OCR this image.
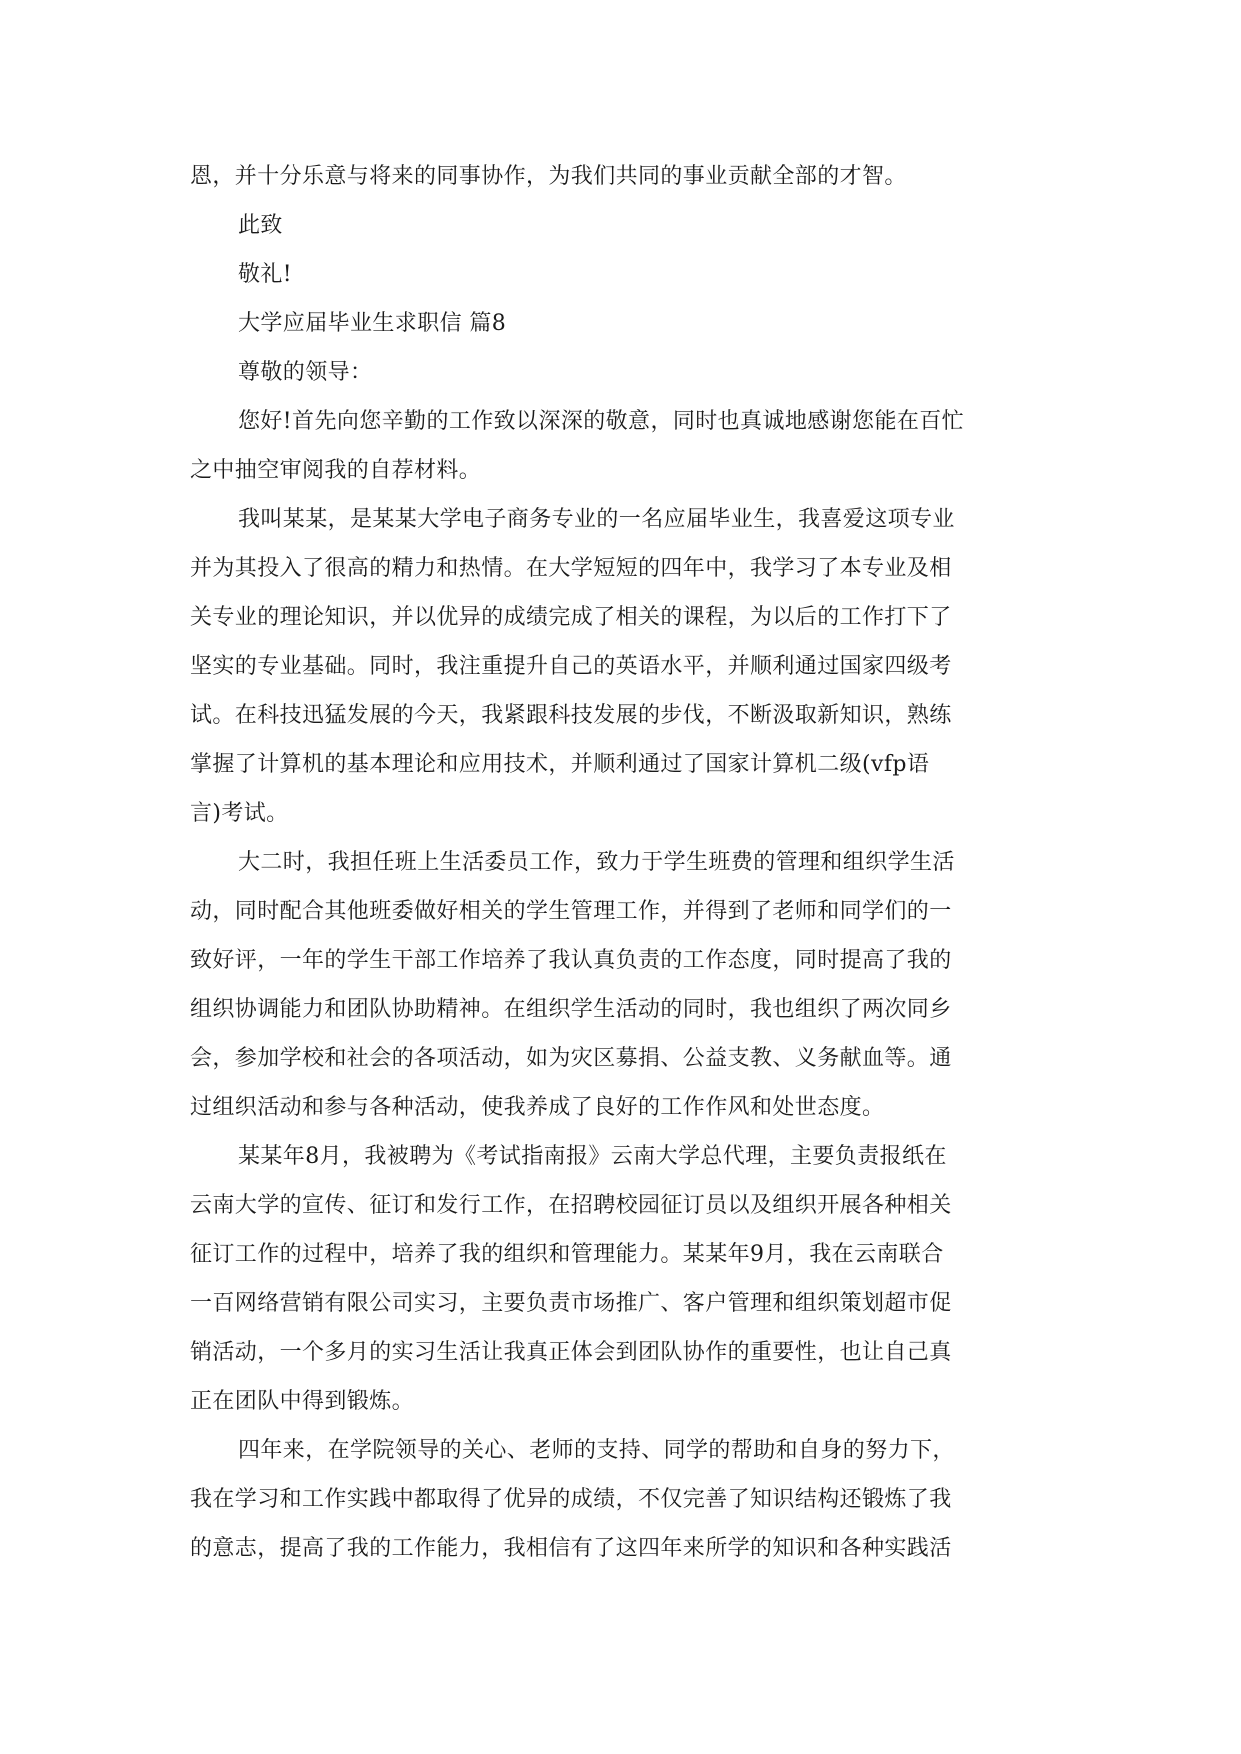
恩，并十分乐意与将来的同事协作，为我们共同的事业贡献全部的才智。

此致

敬礼!

大学应届毕业生求职信 篇8

尊敬的领导：

您好!首先向您辛勤的工作致以深深的敬意，同时也真诚地感谢您能在百忙

之中抽空审阅我的自荐材料。

我叫某某，是某某大学电子商务专业的一名应届毕业生，我喜爱这项专业

并为其投入了很高的精力和热情。在大学短短的四年中，我学习了本专业及相

关专业的理论知识，并以优异的成绩完成了相关的课程，为以后的工作打下了

坚实的专业基础。同时，我注重提升自己的英语水平，并顺利通过国家四级考

试。在科技迅猛发展的今天，我紧跟科技发展的步伐，不断汲取新知识，熟练

掌握了计算机的基本理论和应用技术，并顺利通过了国家计算机二级(vfp语

言)考试。

大二时，我担任班上生活委员工作，致力于学生班费的管理和组织学生活

动，同时配合其他班委做好相关的学生管理工作，并得到了老师和同学们的一

致好评，一年的学生干部工作培养了我认真负责的工作态度，同时提高了我的

组织协调能力和团队协助精神。在组织学生活动的同时，我也组织了两次同乡

会，参加学校和社会的各项活动，如为灾区募捐、公益支教、义务献血等。通

过组织活动和参与各种活动，使我养成了良好的工作作风和处世态度。

某某年8月，我被聘为《考试指南报》云南大学总代理，主要负责报纸在

云南大学的宣传、征订和发行工作，在招聘校园征订员以及组织开展各种相关

征订工作的过程中，培养了我的组织和管理能力。某某年9月，我在云南联合

一百网络营销有限公司实习，主要负责市场推广、客户管理和组织策划超市促

销活动，一个多月的实习生活让我真正体会到团队协作的重要性，也让自己真

正在团队中得到锻炼。

四年来，在学院领导的关心、老师的支持、同学的帮助和自身的努力下，

我在学习和工作实践中都取得了优异的成绩，不仅完善了知识结构还锻炼了我

的意志，提高了我的工作能力，我相信有了这四年来所学的知识和各种实践活
